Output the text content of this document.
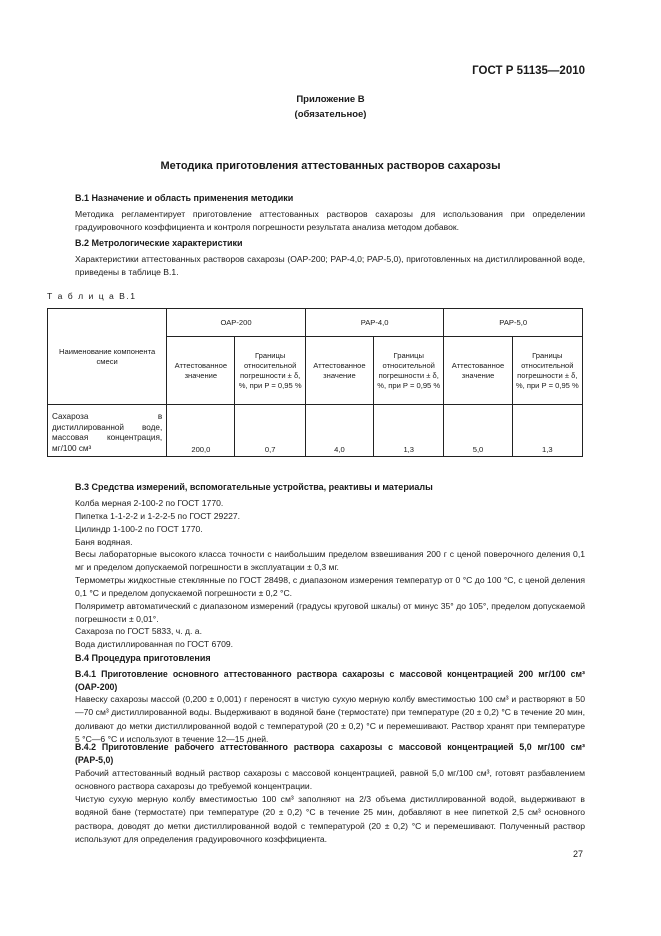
ГОСТ Р 51135—2010
Приложение В
(обязательное)
Методика приготовления аттестованных растворов сахарозы
В.1 Назначение и область применения методики
Методика регламентирует приготовление аттестованных растворов сахарозы для использования при определении градуировочного коэффициента и контроля погрешности результата анализа методом добавок.
В.2 Метрологические характеристики
Характеристики аттестованных растворов сахарозы (ОАР-200; РАР-4,0; РАР-5,0), приготовленных на дистиллированной воде, приведены в таблице В.1.
Т а б л и ц а В.1
Наименование компонента смеси	ОАР-200		РАР-4,0		РАР-5,0	
	Аттестованное значение	Границы относительной погрешности ± δ, %, при P = 0,95 %	Аттестованное значение	Границы относительной погрешности ± δ, %, при P = 0,95 %	Аттестованное значение	Границы относительной погрешности ± δ, %, при P = 0,95 %
Сахароза в дистиллированной воде, массовая концентрация, мг/100 см³	200,0	0,7	4,0	1,3	5,0	1,3
В.3 Средства измерений, вспомогательные устройства, реактивы и материалы
Колба мерная 2-100-2 по ГОСТ 1770.
Пипетка 1-1-2-2 и 1-2-2-5 по ГОСТ 29227.
Цилиндр 1-100-2 по ГОСТ 1770.
Баня водяная.
Весы лабораторные высокого класса точности с наибольшим пределом взвешивания 200 г с ценой поверочного деления 0,1 мг и пределом допускаемой погрешности в эксплуатации ± 0,3 мг.
Термометры жидкостные стеклянные по ГОСТ 28498, с диапазоном измерения температур от 0 °С до 100 °С, с ценой деления 0,1 °С и пределом допускаемой погрешности ± 0,2 °С.
Поляриметр автоматический с диапазоном измерений (градусы круговой шкалы) от минус 35° до 105°, пределом допускаемой погрешности ± 0,01°.
Сахароза по ГОСТ 5833, ч. д. а.
Вода дистиллированная по ГОСТ 6709.
В.4 Процедура приготовления
В.4.1 Приготовление основного аттестованного раствора сахарозы с массовой концентрацией 200 мг/100 см³ (ОАР-200)
Навеску сахарозы массой (0,200 ± 0,001) г переносят в чистую сухую мерную колбу вместимостью 100 см³ и растворяют в 50—70 см³ дистиллированной воды. Выдерживают в водяной бане (термостате) при температуре (20 ± 0,2) °С в течение 20 мин, доливают до метки дистиллированной водой с температурой (20 ± 0,2) °С и перемешивают. Раствор хранят при температуре 5 °С—6 °С и используют в течение 12—15 дней.
В.4.2 Приготовление рабочего аттестованного раствора сахарозы с массовой концентрацией 5,0 мг/100 см³ (РАР-5,0)
Рабочий аттестованный водный раствор сахарозы с массовой концентрацией, равной 5,0 мг/100 см³, готовят разбавлением основного раствора сахарозы до требуемой концентрации.
Чистую сухую мерную колбу вместимостью 100 см³ заполняют на 2/3 объема дистиллированной водой, выдерживают в водяной бане (термостате) при температуре (20 ± 0,2) °С в течение 25 мин, добавляют в нее пипеткой 2,5 см³ основного раствора, доводят до метки дистиллированной водой с температурой (20 ± 0,2) °С и перемешивают. Полученный раствор используют для определения градуировочного коэффициента.
27
